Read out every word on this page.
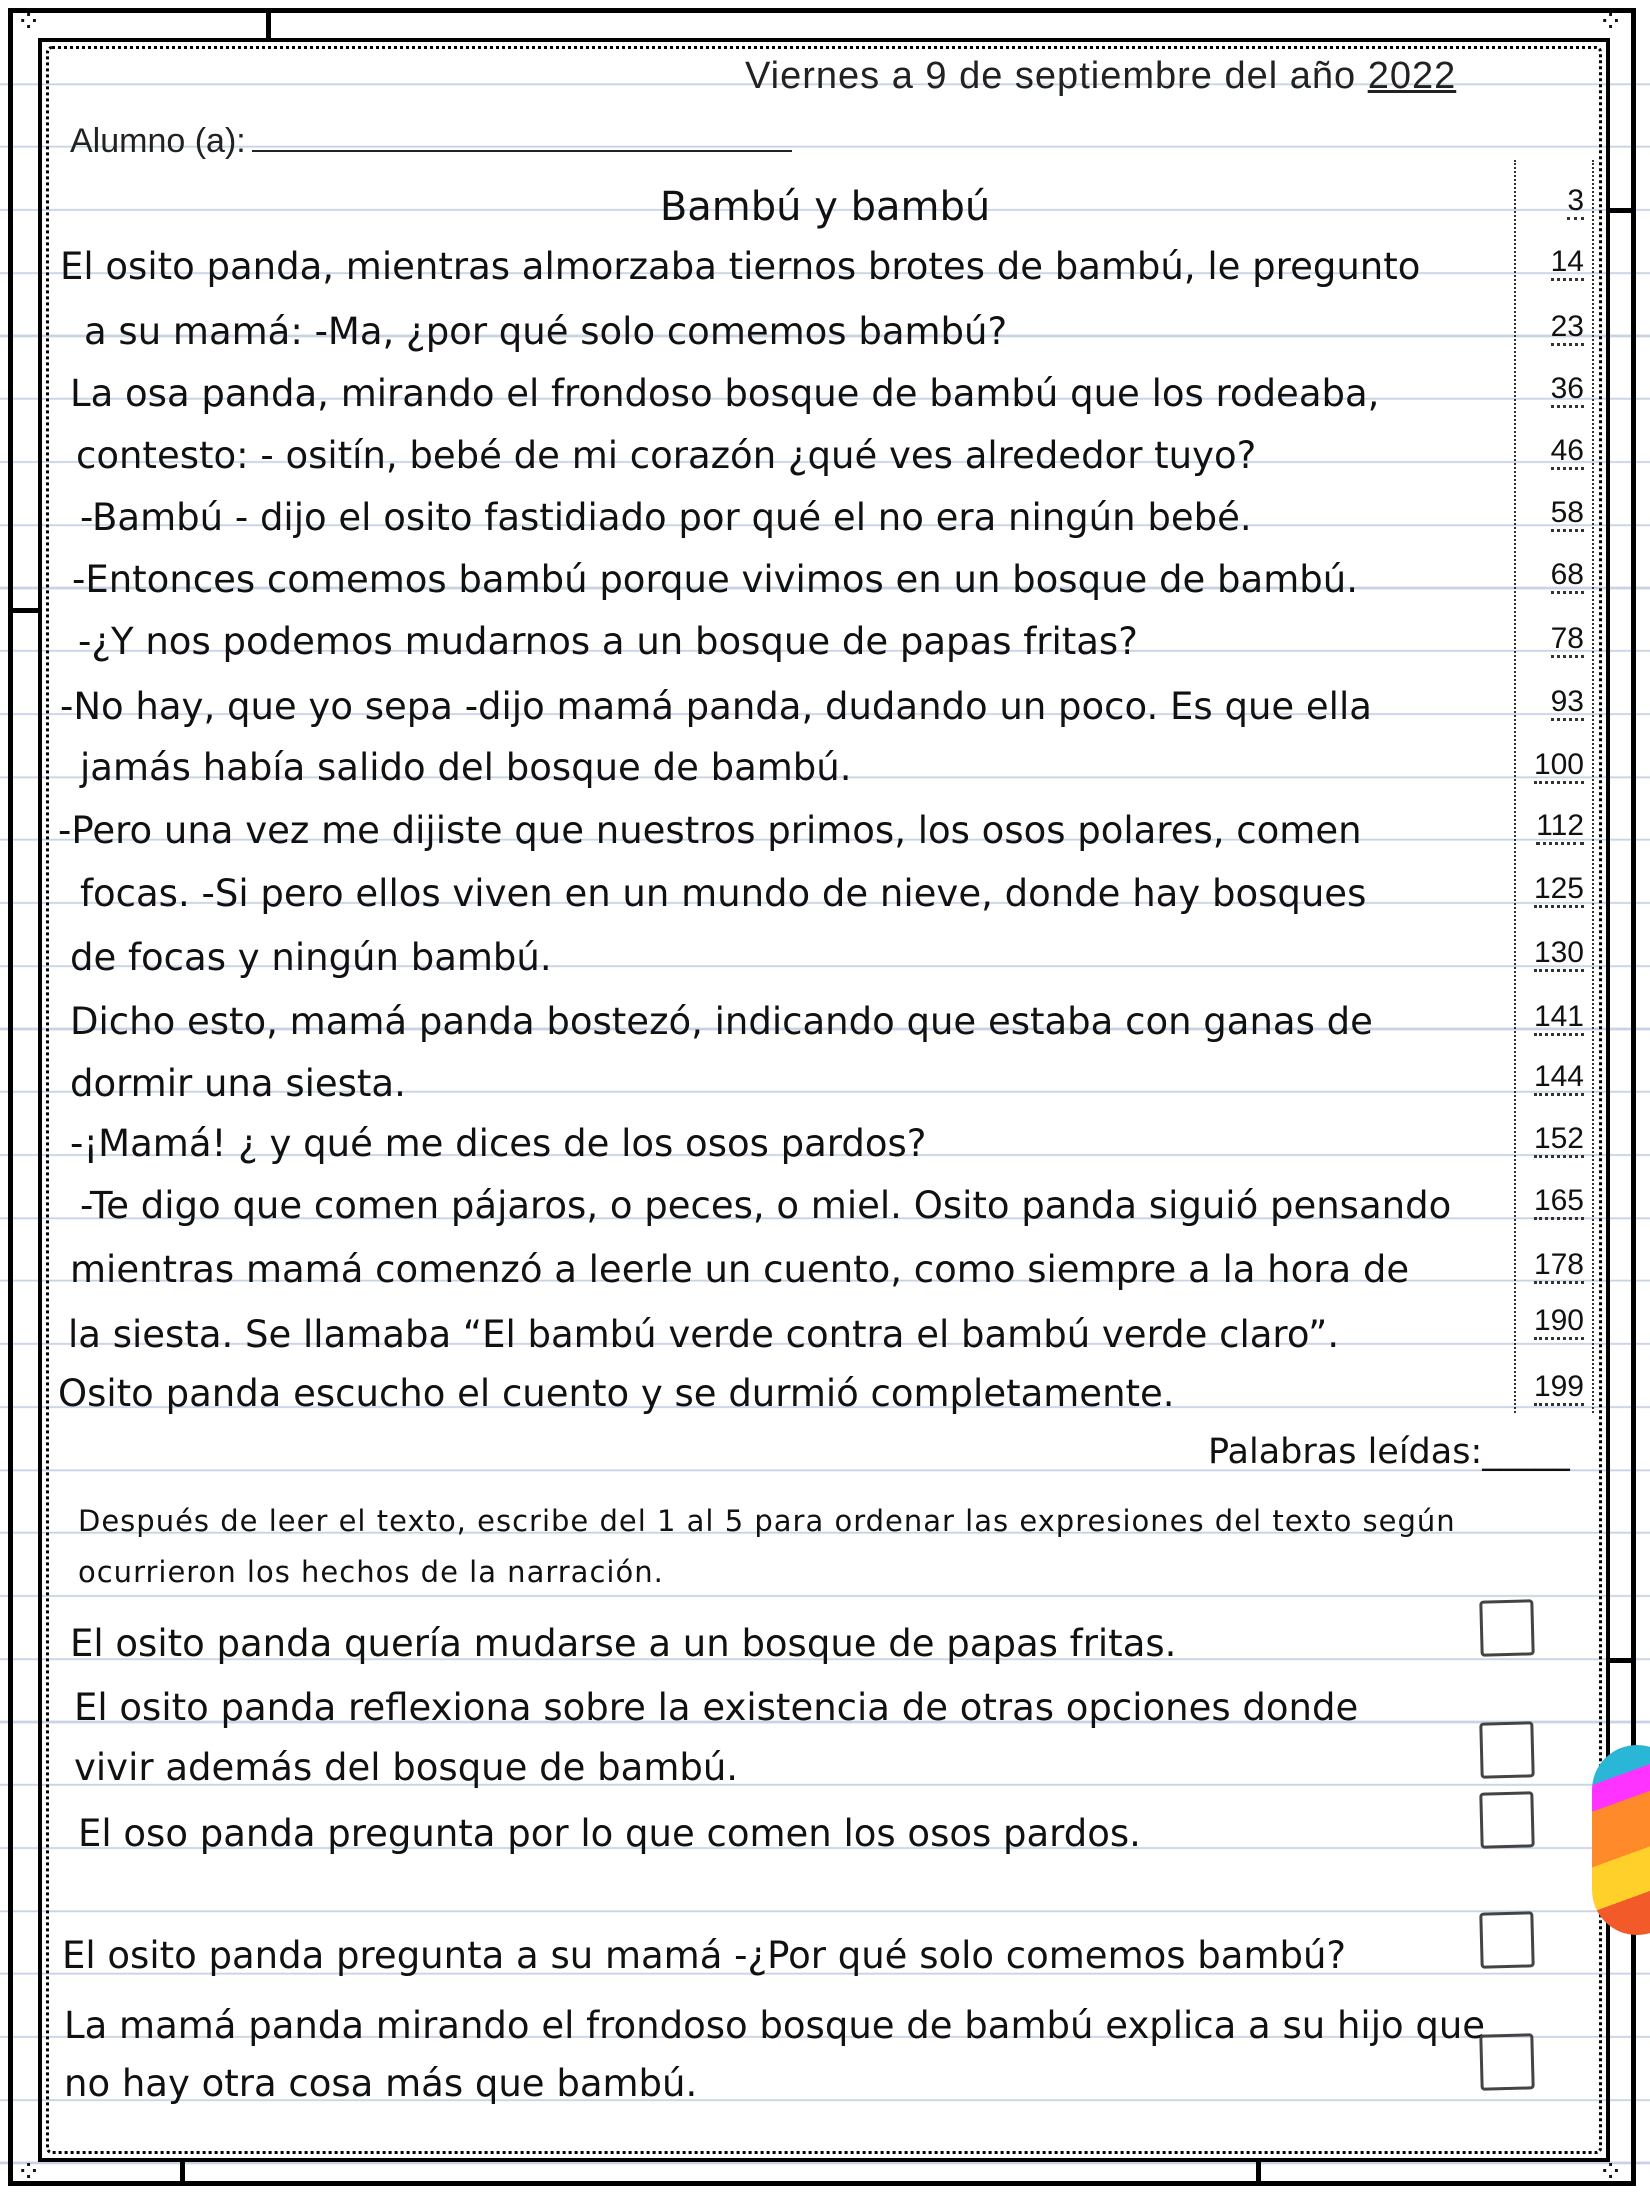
⁘	⁘
⁘	⁘
Viernes a 9 de septiembre del año 2022
Alumno (a):
Bambú y bambú
El osito panda, mientras almorzaba tiernos brotes de bambú, le pregunto
a su mamá: -Ma, ¿por qué solo comemos bambú?
La osa panda, mirando el frondoso bosque de bambú que los rodeaba,
contesto: - ositín, bebé de mi corazón ¿qué ves alrededor tuyo?
-Bambú - dijo el osito fastidiado por qué el no era ningún bebé.
-Entonces comemos bambú porque vivimos en un bosque de bambú.
-¿Y nos podemos mudarnos a un bosque de papas fritas?
-No hay, que yo sepa -dijo mamá panda, dudando un poco. Es que ella
jamás había salido del bosque de bambú.
-Pero una vez me dijiste que nuestros primos, los osos polares, comen
focas. -Si pero ellos viven en un mundo de nieve, donde hay bosques
de focas y ningún bambú.
Dicho esto, mamá panda bostezó, indicando que estaba con ganas de
dormir una siesta.
-¡Mamá! ¿ y qué me dices de los osos pardos?
-Te digo que comen pájaros, o peces, o miel. Osito panda siguió pensando
mientras mamá comenzó a leerle un cuento, como siempre a la hora de
la siesta. Se llamaba “El bambú verde contra el bambú verde claro”.
Osito panda escucho el cuento y se durmió completamente.
3
14
23
36
46
58
68
78
93
100
112
125
130
141
144
152
165
178
190
199
Palabras leídas:_____
Después de leer el texto, escribe del 1 al 5 para ordenar las expresiones del texto según
ocurrieron los hechos de la narración.
El osito panda quería mudarse a un bosque de papas fritas.
El osito panda reflexiona sobre la existencia de otras opciones donde
vivir además del bosque de bambú.
El oso panda pregunta por lo que comen los osos pardos.
El osito panda pregunta a su mamá -¿Por qué solo comemos bambú?
La mamá panda mirando el frondoso bosque de bambú explica a su hijo que
no hay otra cosa más que bambú.
